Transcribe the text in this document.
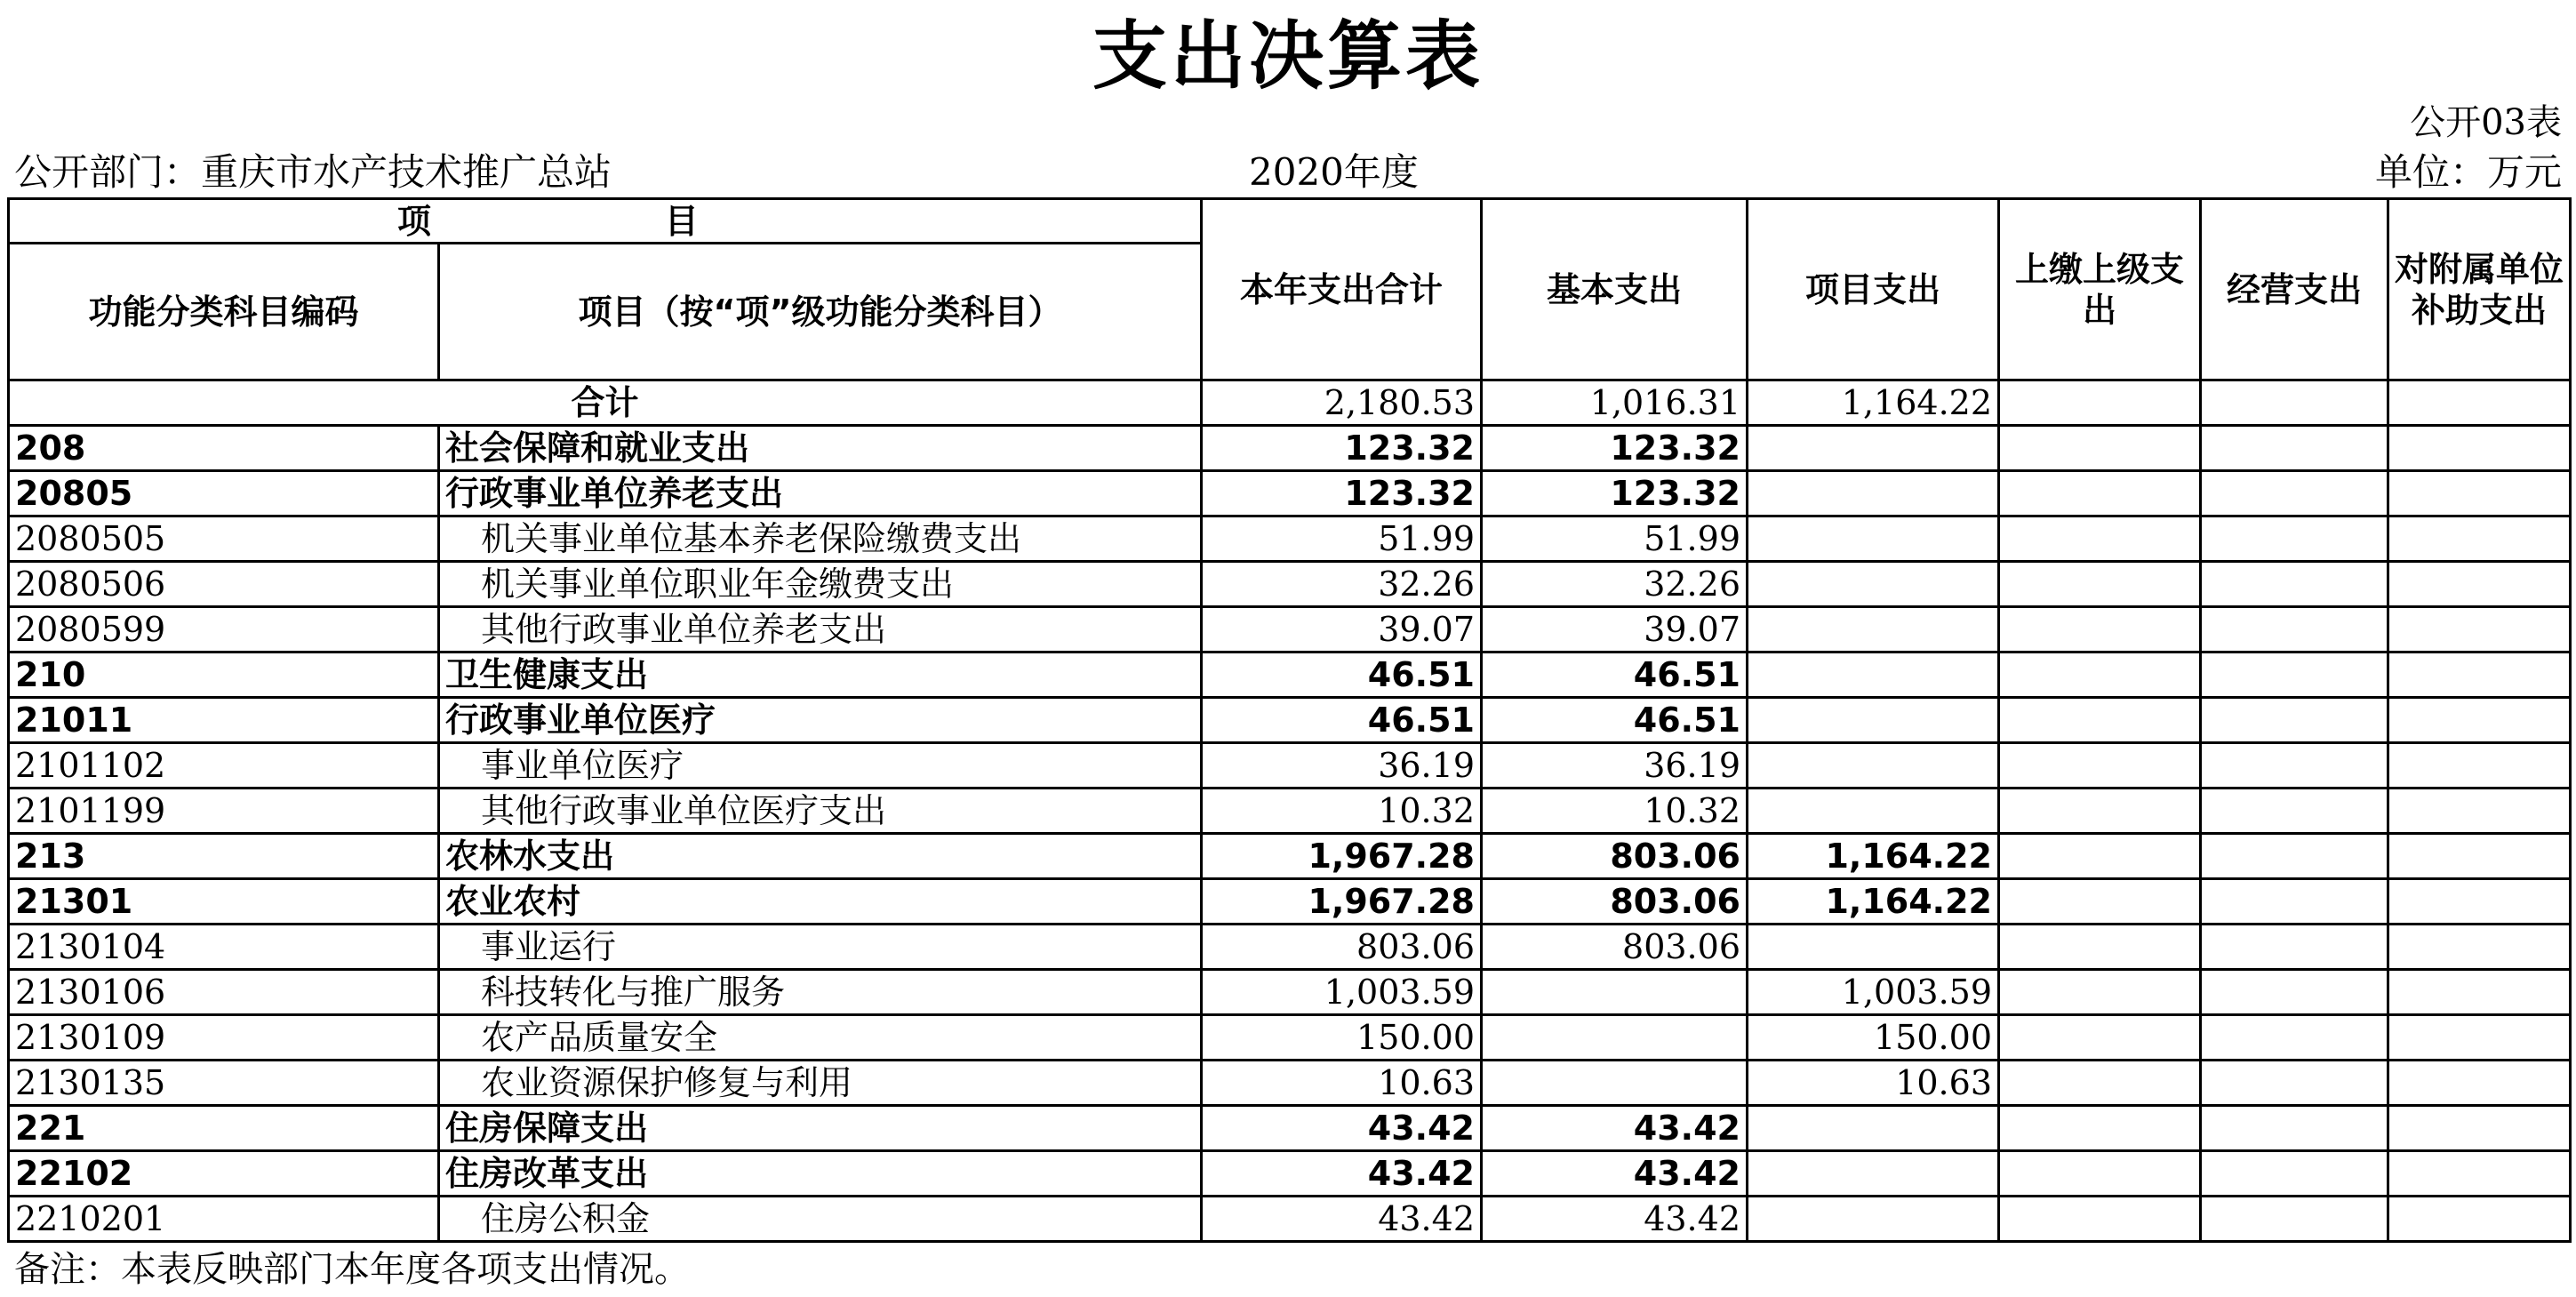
支出决算表
公开03表
公开部门：重庆市水产技术推广总站	2020年度	单位：万元
项 目		本年支出合计	基本支出	项目支出	上缴上级支出	经营支出	对附属单位补助支出
功能分类科目编码	项目（按“项”级功能分类科目）						
合计		2,180.53	1,016.31	1,164.22			
208	社会保障和就业支出	123.32	123.32				
20805	行政事业单位养老支出	123.32	123.32				
2080505	机关事业单位基本养老保险缴费支出	51.99	51.99				
2080506	机关事业单位职业年金缴费支出	32.26	32.26				
2080599	其他行政事业单位养老支出	39.07	39.07				
210	卫生健康支出	46.51	46.51				
21011	行政事业单位医疗	46.51	46.51				
2101102	事业单位医疗	36.19	36.19				
2101199	其他行政事业单位医疗支出	10.32	10.32				
213	农林水支出	1,967.28	803.06	1,164.22			
21301	农业农村	1,967.28	803.06	1,164.22			
2130104	事业运行	803.06	803.06				
2130106	科技转化与推广服务	1,003.59		1,003.59			
2130109	农产品质量安全	150.00		150.00			
2130135	农业资源保护修复与利用	10.63		10.63			
221	住房保障支出	43.42	43.42				
22102	住房改革支出	43.42	43.42				
2210201	住房公积金	43.42	43.42				
备注：本表反映部门本年度各项支出情况。
